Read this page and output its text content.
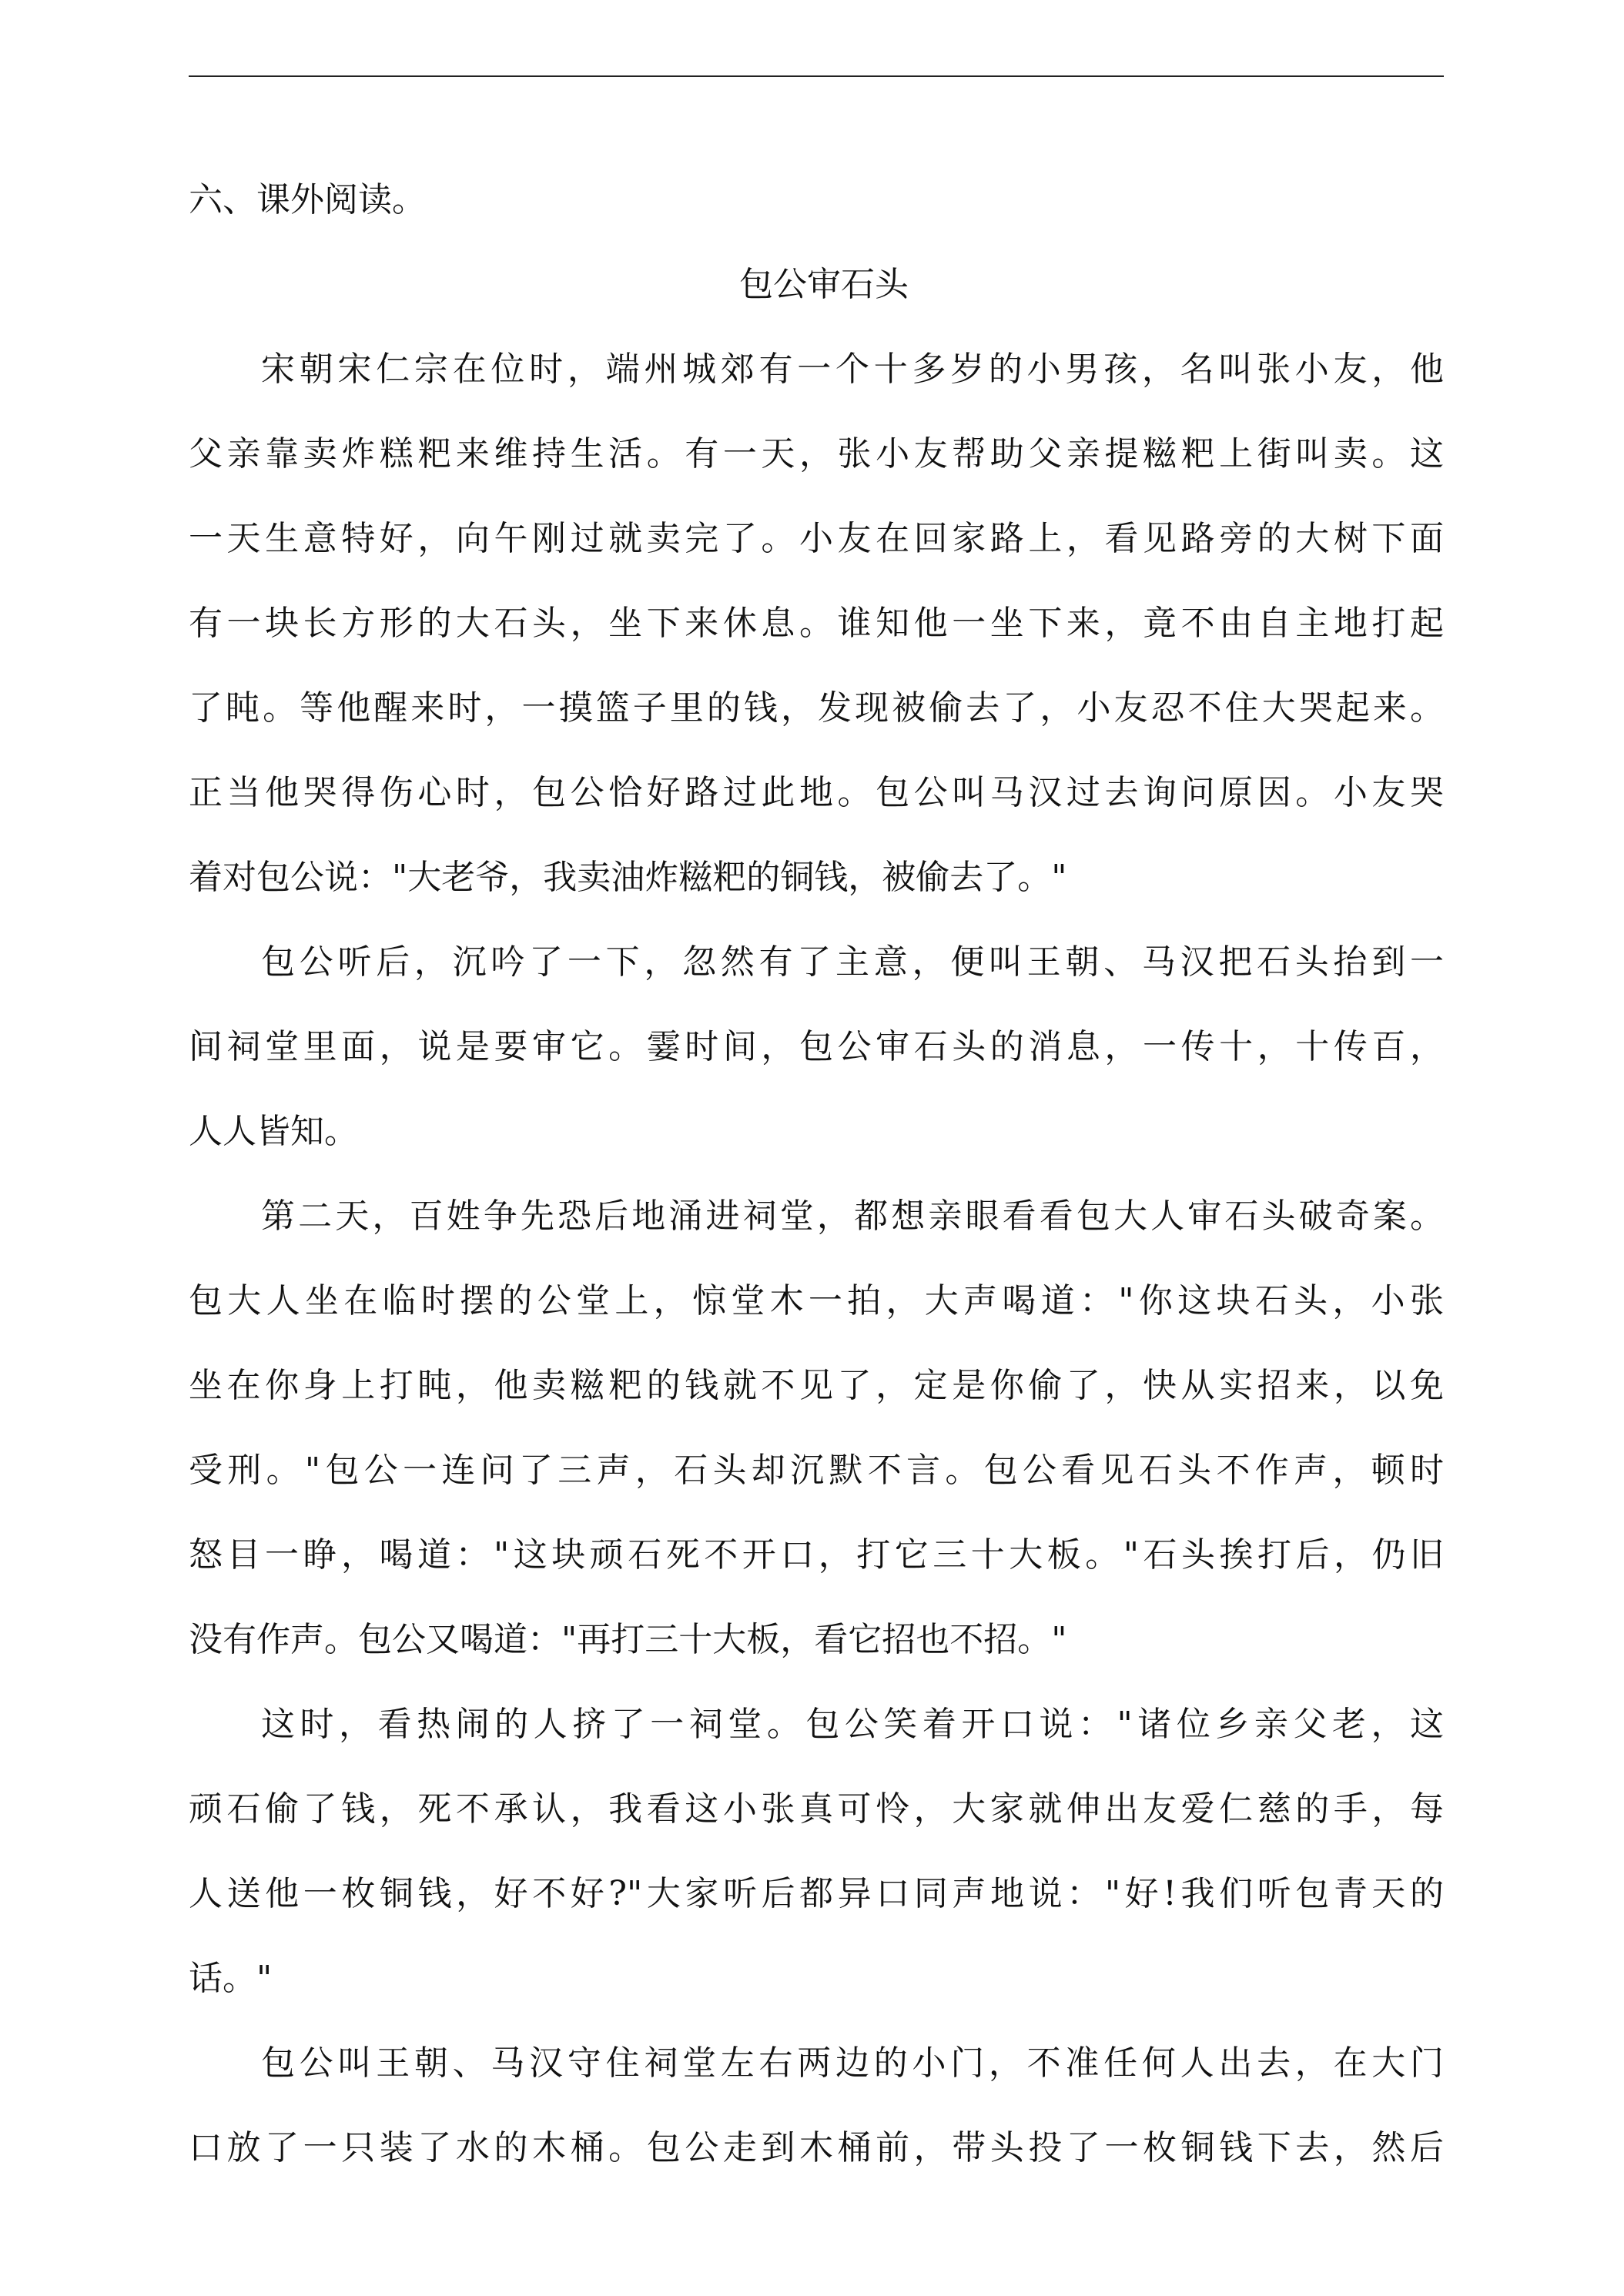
六、课外阅读。
包公审石头
宋朝宋仁宗在位时，端州城郊有一个十多岁的小男孩，名叫张小友，他
父亲靠卖炸糕粑来维持生活。有一天，张小友帮助父亲提糍粑上街叫卖。这
一天生意特好，向午刚过就卖完了。小友在回家路上，看见路旁的大树下面
有一块长方形的大石头，坐下来休息。谁知他一坐下来，竟不由自主地打起
了盹。等他醒来时，一摸篮子里的钱，发现被偷去了，小友忍不住大哭起来。
正当他哭得伤心时，包公恰好路过此地。包公叫马汉过去询问原因。小友哭
着对包公说："大老爷，我卖油炸糍粑的铜钱，被偷去了。"
包公听后，沉吟了一下，忽然有了主意，便叫王朝、马汉把石头抬到一
间祠堂里面，说是要审它。霎时间，包公审石头的消息，一传十，十传百，
人人皆知。
第二天，百姓争先恐后地涌进祠堂，都想亲眼看看包大人审石头破奇案。
包大人坐在临时摆的公堂上，惊堂木一拍，大声喝道："你这块石头，小张
坐在你身上打盹，他卖糍粑的钱就不见了，定是你偷了，快从实招来，以免
受刑。"包公一连问了三声，石头却沉默不言。包公看见石头不作声，顿时
怒目一睁，喝道："这块顽石死不开口，打它三十大板。"石头挨打后，仍旧
没有作声。包公又喝道："再打三十大板，看它招也不招。"
这时，看热闹的人挤了一祠堂。包公笑着开口说："诸位乡亲父老，这
顽石偷了钱，死不承认，我看这小张真可怜，大家就伸出友爱仁慈的手，每
人送他一枚铜钱，好不好?"大家听后都异口同声地说："好!我们听包青天的
话。"
包公叫王朝、马汉守住祠堂左右两边的小门，不准任何人出去，在大门
口放了一只装了水的木桶。包公走到木桶前，带头投了一枚铜钱下去，然后
